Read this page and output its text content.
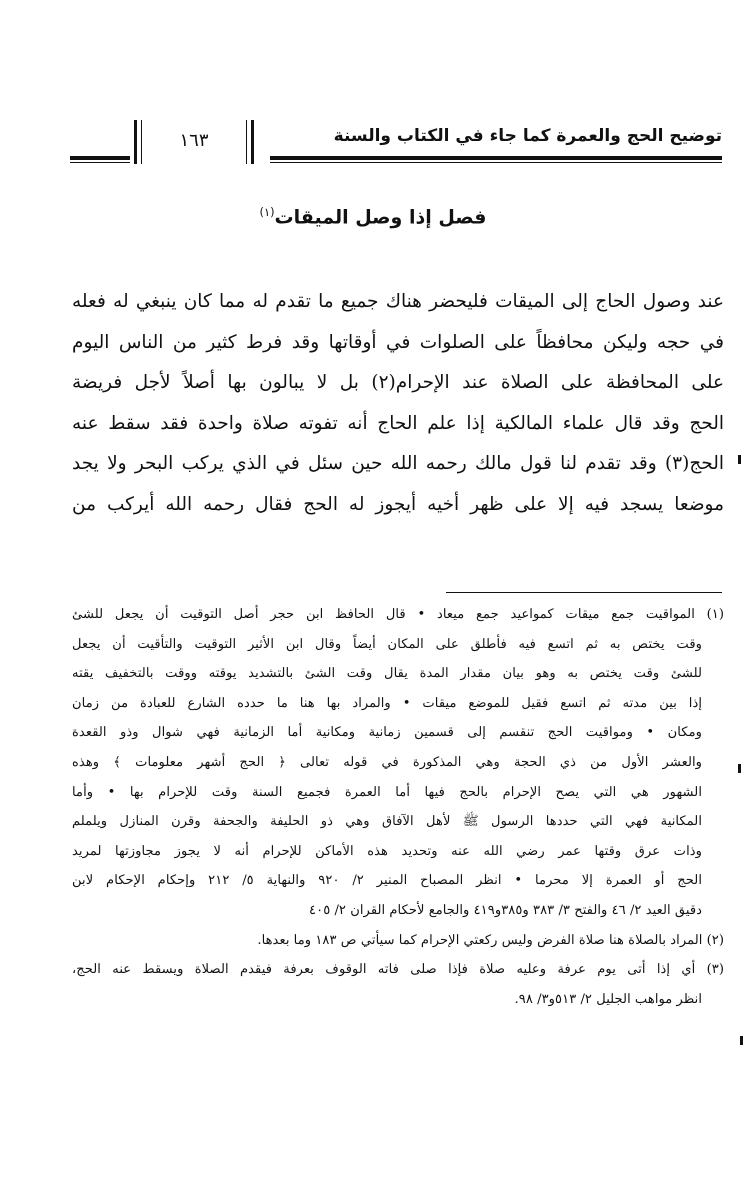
توضيح الحج والعمرة كما جاء في الكتاب والسنة
١٦٣
فصل إذا وصل الميقات$^{(١)}$
عند وصول الحاج إلى الميقات فليحضر هناك جميع ما تقدم له مما كان ينبغي له فعله
في حجه وليكن محافظاً على الصلوات في أوقاتها وقد فرط كثير من الناس اليوم
على المحافظة على الصلاة عند الإحرام(٢) بل لا يبالون بها أصلاً لأجل فريضة
الحج وقد قال علماء المالكية إذا علم الحاج أنه تفوته صلاة واحدة فقد سقط عنه
الحج(٣) وقد تقدم لنا قول مالك رحمه الله حين سئل في الذي يركب البحر ولا يجد
موضعا يسجد فيه إلا على ظهر أخيه أيجوز له الحج فقال رحمه الله أيركب من
(١) المواقيت جمع ميقات كمواعيد جمع ميعاد • قال الحافظ ابن حجر أصل التوقيت أن يجعل للشئ
وقت يختص به ثم اتسع فيه فأطلق على المكان أيضاً وقال ابن الأثير التوقيت والتأقيت أن يجعل
للشئ وقت يختص به وهو بيان مقدار المدة يقال وقت الشئ بالتشديد يوقته ووقت بالتخفيف يقته
إذا بين مدته ثم اتسع فقيل للموضع ميقات • والمراد بها هنا ما حدده الشارع للعبادة من زمان
ومكان • ومواقيت الحج تنقسم إلى قسمين زمانية ومكانية أما الزمانية فهي شوال وذو القعدة
والعشر الأول من ذي الحجة وهي المذكورة في قوله تعالى ﴿ الحج أشهر معلومات ﴾ وهذه
الشهور هي التي يصح الإحرام بالحج فيها أما العمرة فجميع السنة وقت للإحرام بها • وأما
المكانية فهي التي حددها الرسول ﷺ لأهل الآفاق وهي ذو الحليفة والجحفة وقرن المنازل ويلملم
وذات عرق وقتها عمر رضي الله عنه وتحديد هذه الأماكن للإحرام أنه لا يجوز مجاوزتها لمريد
الحج أو العمرة إلا محرما • انظر المصباح المنير ٢/ ٩٢٠ والنهاية ٥/ ٢١٢ وإحكام الإحكام لابن
دقيق العيد ٢/ ٤٦ والفتح ٣/ ٣٨٣ و٣٨٥و٤١٩ والجامع لأحكام القران ٢/ ٤٠٥
(٢) المراد بالصلاة هنا صلاة الفرض وليس ركعتي الإحرام كما سيأتي ص ١٨٣ وما بعدها.
(٣) أي إذا أتى يوم عرفة وعليه صلاة فإذا صلى فاته الوقوف بعرفة فيقدم الصلاة ويسقط عنه الحج،
انظر مواهب الجليل ٢/ ٥١٣و٣/ ٩٨.
